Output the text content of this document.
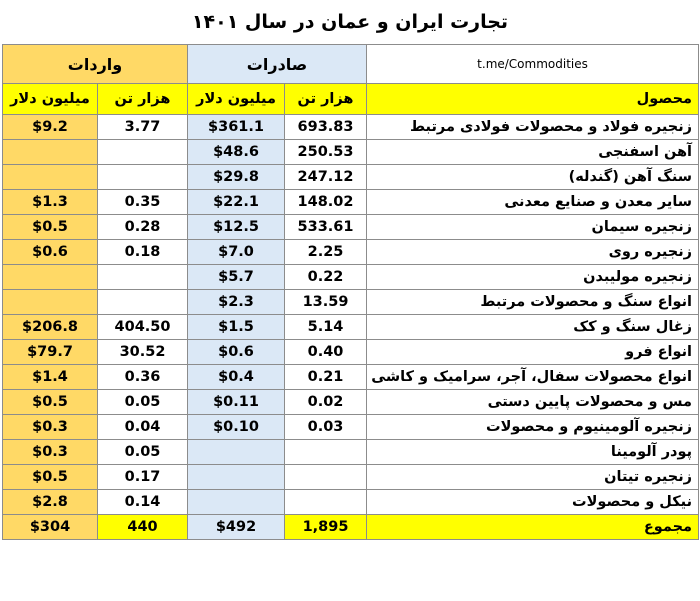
تجارت ایران و عمان در سال ۱۴۰۱
واردات		صادرات		t.me/Commodities
میلیون دلار	هزار تن	میلیون دلار	هزار تن	محصول
$9.2	3.77	$361.1	693.83	زنجیره فولاد و محصولات فولادی مرتبط
		$48.6	250.53	آهن اسفنجی
		$29.8	247.12	سنگ آهن (گندله)
$1.3	0.35	$22.1	148.02	سایر معدن و صنایع معدنی
$0.5	0.28	$12.5	533.61	زنجیره سیمان
$0.6	0.18	$7.0	2.25	زنجیره روی
		$5.7	0.22	زنجیره مولیبدن
		$2.3	13.59	انواع سنگ و محصولات مرتبط
$206.8	404.50	$1.5	5.14	زغال سنگ و کک
$79.7	30.52	$0.6	0.40	انواع فرو
$1.4	0.36	$0.4	0.21	انواع محصولات سفال، آجر، سرامیک و کاشی
$0.5	0.05	$0.11	0.02	مس و محصولات پایین دستی
$0.3	0.04	$0.10	0.03	زنجیره آلومینیوم و محصولات
$0.3	0.05			پودر آلومینا
$0.5	0.17			زنجیره تیتان
$2.8	0.14			نیکل و محصولات
$304	440	$492	1,895	مجموع
